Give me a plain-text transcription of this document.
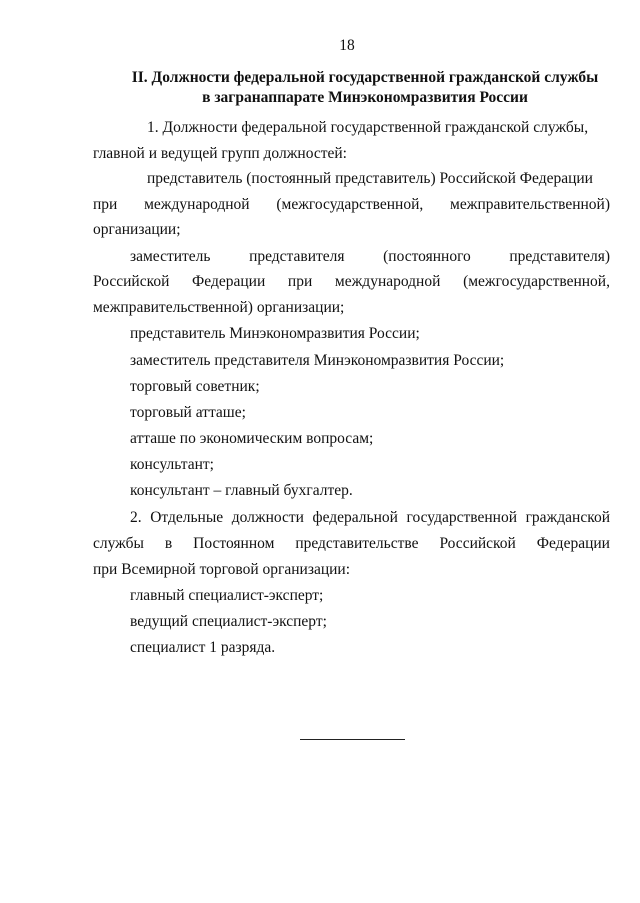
18
II. Должности федеральной государственной гражданской службы
в загранаппарате Минэкономразвития России
1. Должности федеральной государственной гражданской службы,
главной и ведущей групп должностей:
представитель (постоянный представитель) Российской Федерации
при международной (межгосударственной, межправительственной)
организации;
заместитель представителя (постоянного представителя)
Российской Федерации при международной (межгосударственной,
межправительственной) организации;
представитель Минэкономразвития России;
заместитель представителя Минэкономразвития России;
торговый советник;
торговый атташе;
атташе по экономическим вопросам;
консультант;
консультант – главный бухгалтер.
2. Отдельные должности федеральной государственной гражданской
службы в Постоянном представительстве Российской Федерации
при Всемирной торговой организации:
главный специалист-эксперт;
ведущий специалист-эксперт;
специалист 1 разряда.
